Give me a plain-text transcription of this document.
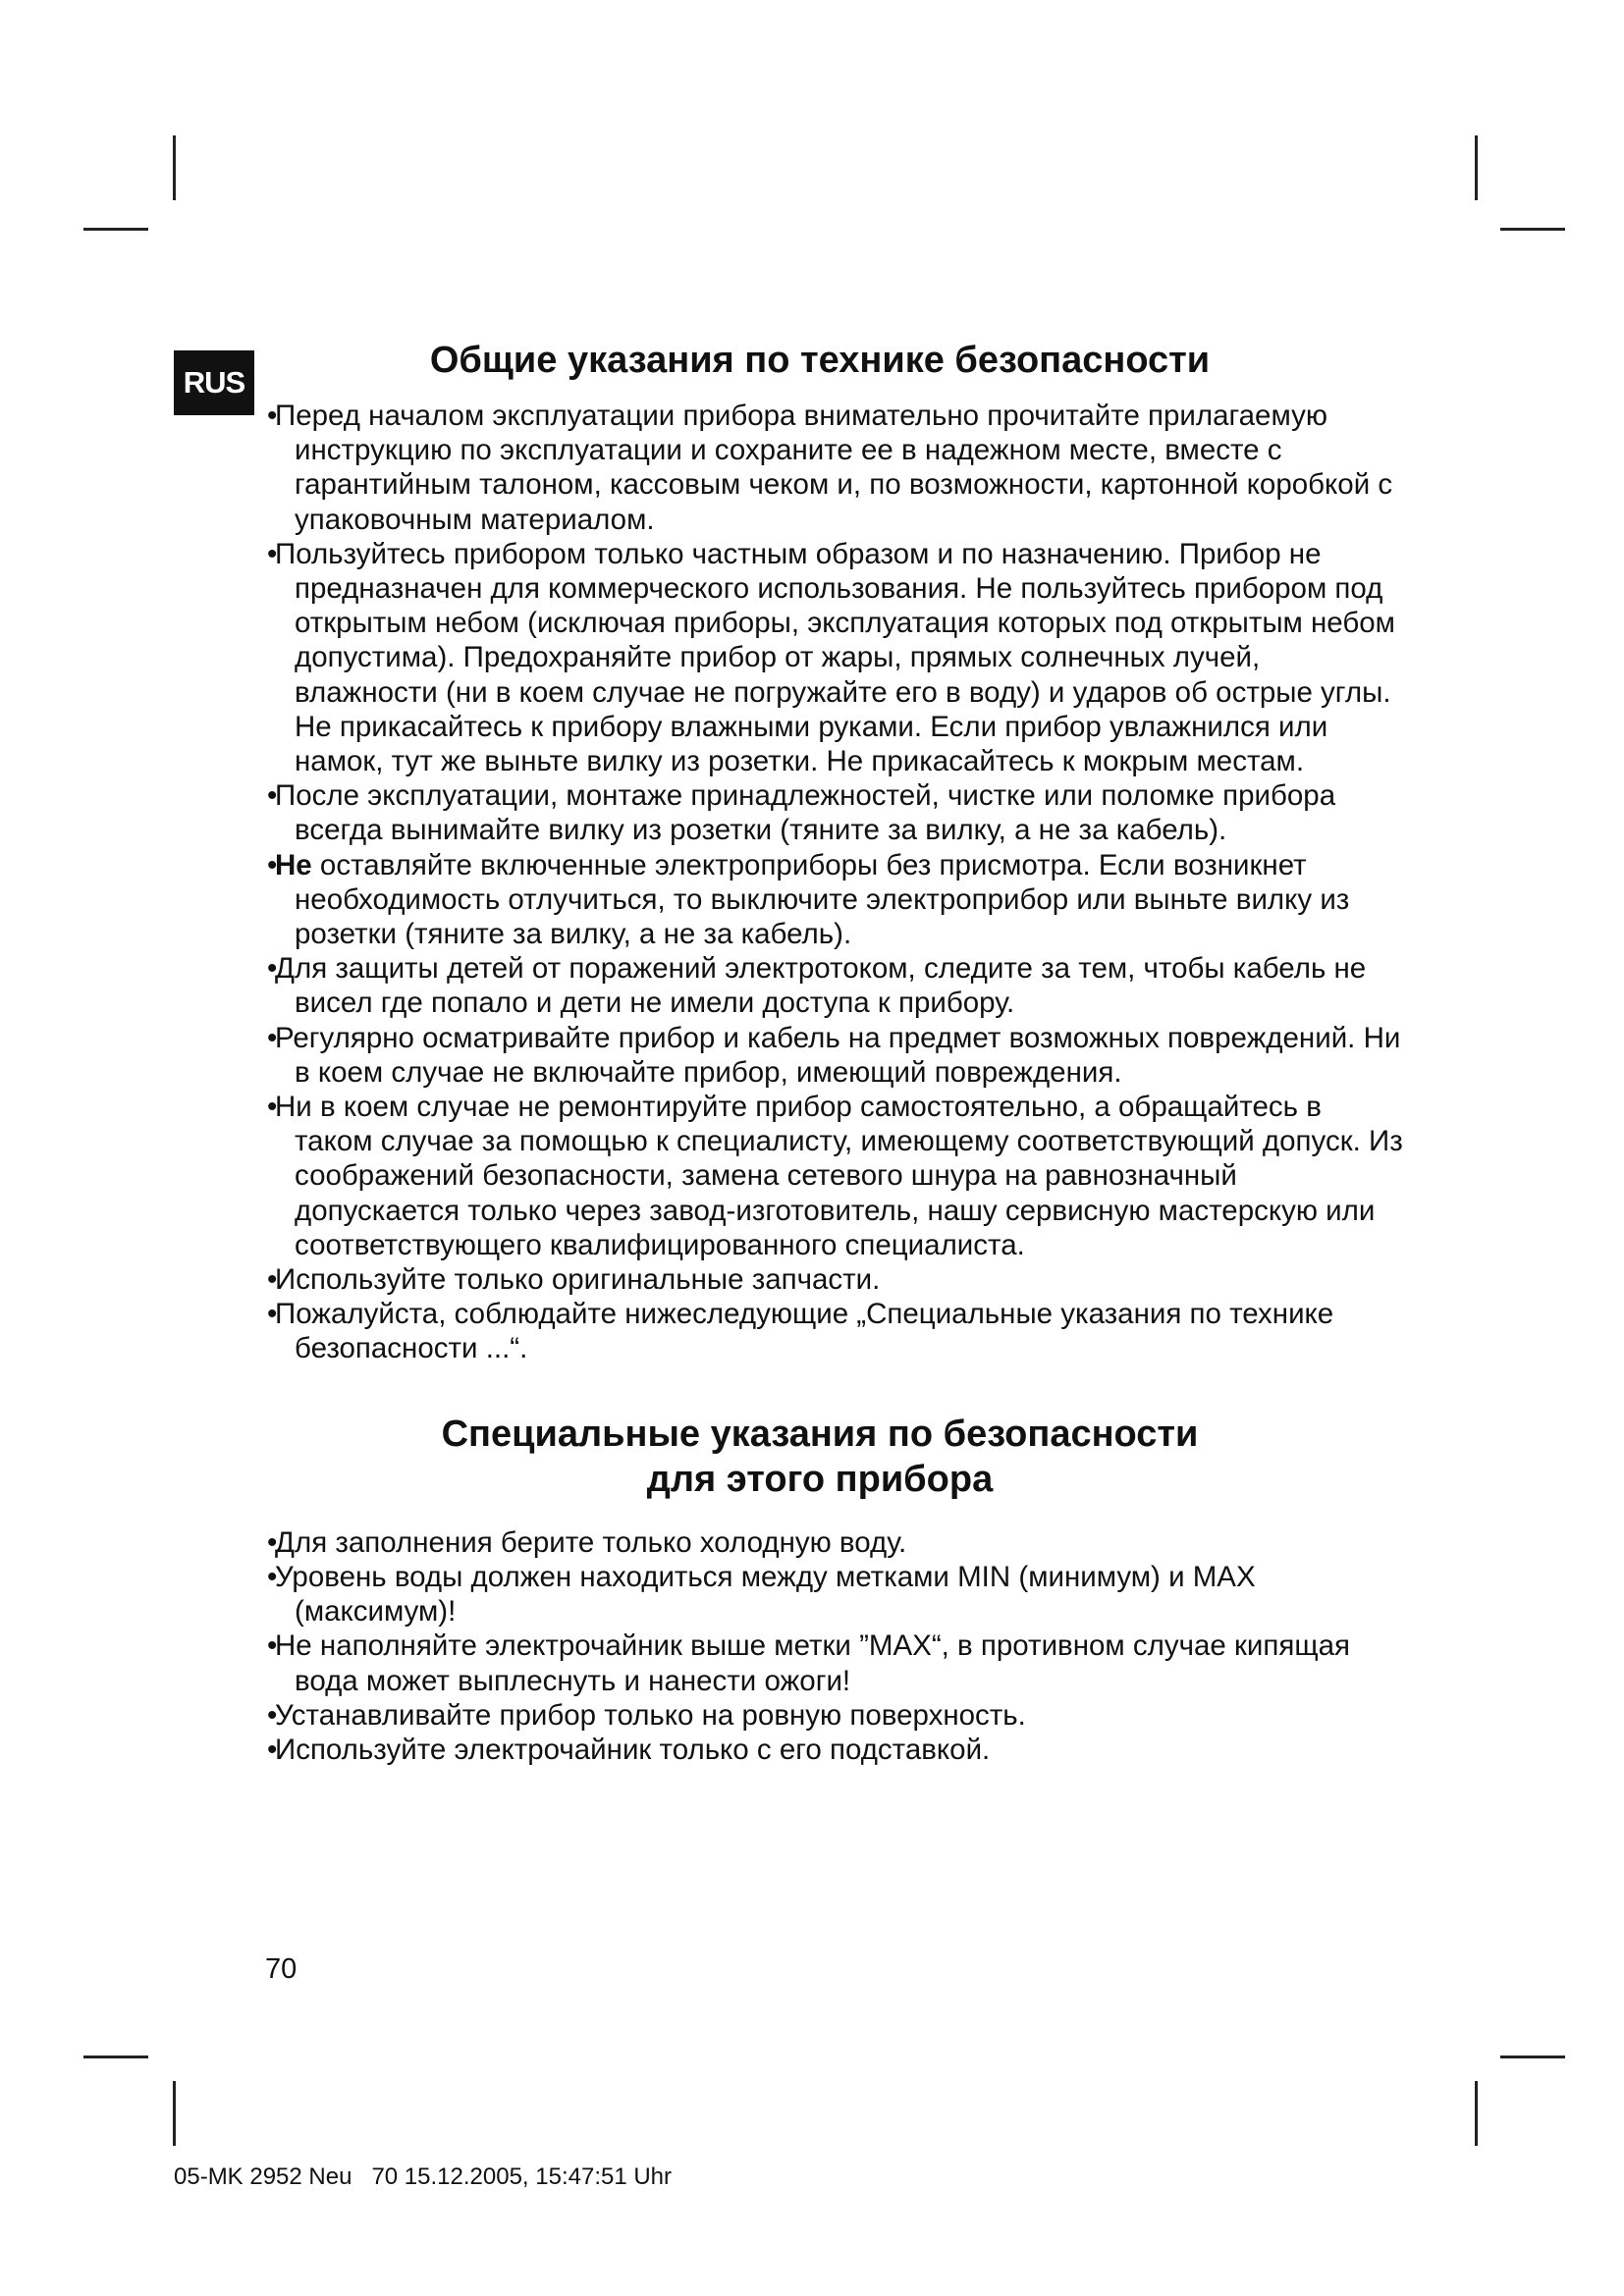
RUS
Общие указания по технике безопасности
•
Перед началом эксплуатации прибора внимательно прочитайте прилагаемую инструкцию по эксплуатации и сохраните ее в надежном месте, вместе с гарантийным талоном, кассовым чеком и, по возможности, картонной коробкой с упаковочным материалом.
•
Пользуйтесь прибором только частным образом и по назначению. Прибор не предназначен для коммерческого использования. Не пользуйтесь прибором под открытым небом (исключая приборы, эксплуатация которых под открытым небом допустима). Предохраняйте прибор от жары, прямых солнечных лучей, влажности (ни в коем случае не погружайте его в воду) и ударов об острые углы. Не прикасайтесь к прибору влажными руками. Если прибор увлажнился или намок, тут же выньте вилку из розетки. Не прикасайтесь к мокрым местам.
•
После эксплуатации, монтаже принадлежностей, чистке или поломке прибора всегда вынимайте вилку из розетки (тяните за вилку, а не за кабель).
•
Не оставляйте включенные электроприборы без присмотра. Если возникнет необходимость отлучиться, то выключите электроприбор или выньте вилку из розетки (тяните за вилку, а не за кабель).
•
Для защиты детей от поражений электротоком, следите за тем, чтобы кабель не висел где попало и дети не имели доступа к прибору.
•
Регулярно осматривайте прибор и кабель на предмет возможных повреждений. Ни в коем случае не включайте прибор, имеющий повреждения.
•
Ни в коем случае не ремонтируйте прибор самостоятельно, а обращайтесь в таком случае за помощью к специалисту, имеющему соответствующий допуск. Из соображений безопасности, замена сетевого шнура на равнозначный допускается только через завод-изготовитель, нашу сервисную мастерскую или соответствующего квалифицированного специалиста.
•
Используйте только оригинальные запчасти.
•
Пожалуйста, соблюдайте нижеследующие „Специальные указания по технике безопасности ...“.
Специальные указания по безопасности
для этого прибора
•
Для заполнения берите только холодную воду.
•
Уровень воды должен находиться между метками MIN (минимум) и MAX (максимум)!
•
Не наполняйте электрочайник выше метки ”MAX“, в противном случае кипящая вода может выплеснуть и нанести ожоги!
•
Устанавливайте прибор только на ровную поверхность.
•
Используйте электрочайник только с его подставкой.
70
05-MK 2952 Neu   70 15.12.2005, 15:47:51 Uhr
